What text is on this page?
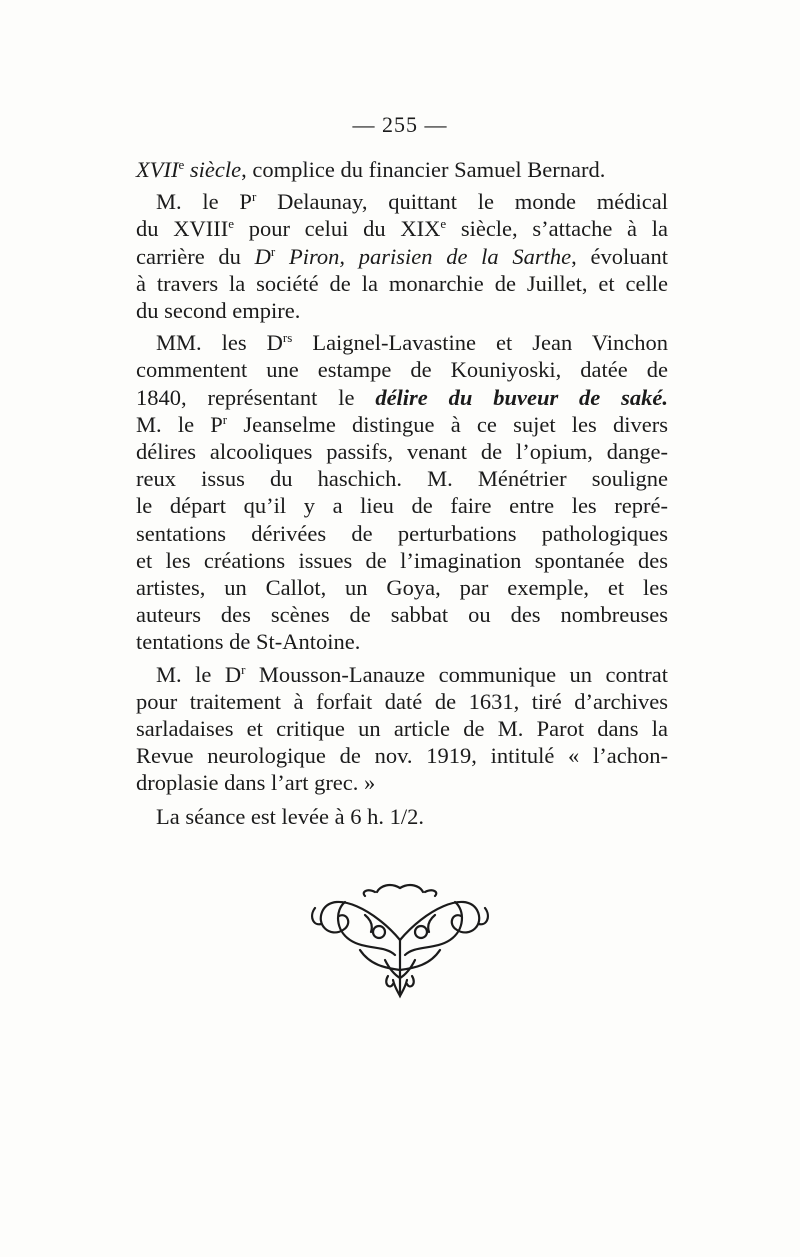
— 255 —
XVIIe siècle, complice du financier Samuel Bernard.
M. le $P^r$ Delaunay, quittant le monde médical
du XVIIIe pour celui du XIXe siècle, s’attache à la
carrière du $D^r$ Piron, parisien de la Sarthe, évoluant
à travers la société de la monarchie de Juillet, et celle
du second empire.
MM. les $D^{rs}$ Laignel-Lavastine et Jean Vinchon
commentent une estampe de Kouniyoski, datée de
1840, représentant le délire du buveur de saké.
M. le $P^r$ Jeanselme distingue à ce sujet les divers
délires alcooliques passifs, venant de l’opium, dange-
reux issus du haschich. M. Ménétrier souligne
le départ qu’il y a lieu de faire entre les repré-
sentations dérivées de perturbations pathologiques
et les créations issues de l’imagination spontanée des
artistes, un Callot, un Goya, par exemple, et les
auteurs des scènes de sabbat ou des nombreuses
tentations de St-Antoine.
M. le $D^r$ Mousson-Lanauze communique un contrat
pour traitement à forfait daté de 1631, tiré d’archives
sarladaises et critique un article de M. Parot dans la
Revue neurologique de nov. 1919, intitulé « l’achon-
droplasie dans l’art grec. »
La séance est levée à 6 h. 1/2.
